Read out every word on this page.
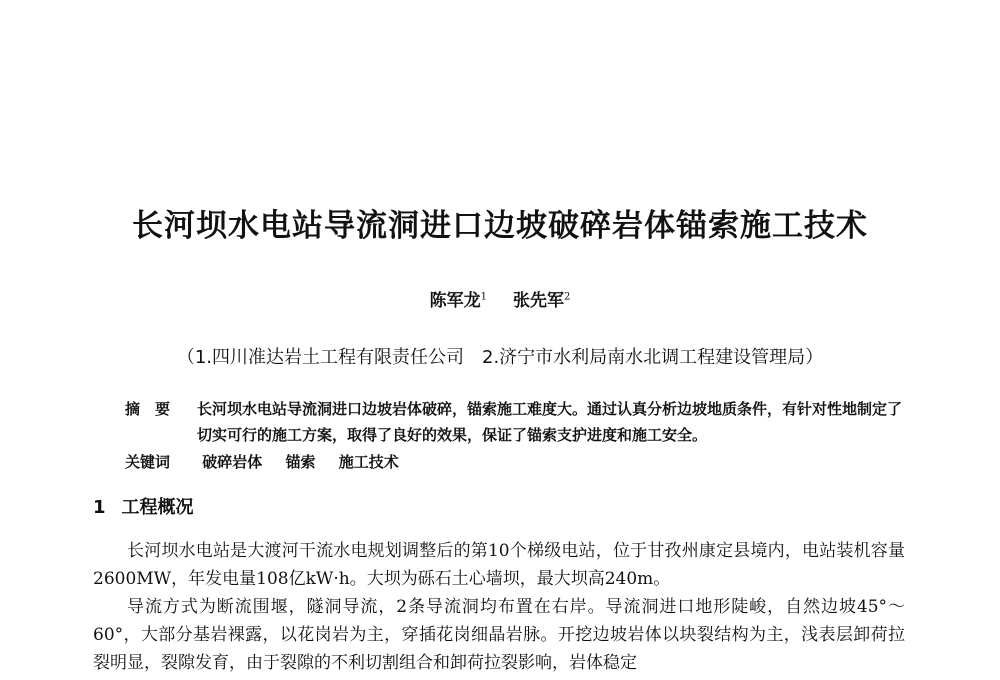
长河坝水电站导流洞进口边坡破碎岩体锚索施工技术
陈军龙$^1$ 张先军$^2$
（1.四川准达岩土工程有限责任公司 2.济宁市水利局南水北调工程建设管理局）
摘　要	长河坝水电站导流洞进口边坡岩体破碎，锚索施工难度大。通过认真分析边坡地质条件，有针对性地制定了切实可行的施工方案，取得了良好的效果，保证了锚索支护进度和施工安全。
关键词 破碎岩体 锚索 施工技术
1 工程概况

长河坝水电站是大渡河干流水电规划调整后的第10个梯级电站，位于甘孜州康定县境内，电站装机容量2600MW，年发电量108亿kW·h。大坝为砾石土心墙坝，最大坝高240m。

导流方式为断流围堰，隧洞导流，2条导流洞均布置在右岸。导流洞进口地形陡峻，自然边坡45°～60°，大部分基岩裸露，以花岗岩为主，穿插花岗细晶岩脉。开挖边坡岩体以块裂结构为主，浅表层卸荷拉裂明显，裂隙发育，由于裂隙的不利切割组合和卸荷拉裂影响，岩体稳定
